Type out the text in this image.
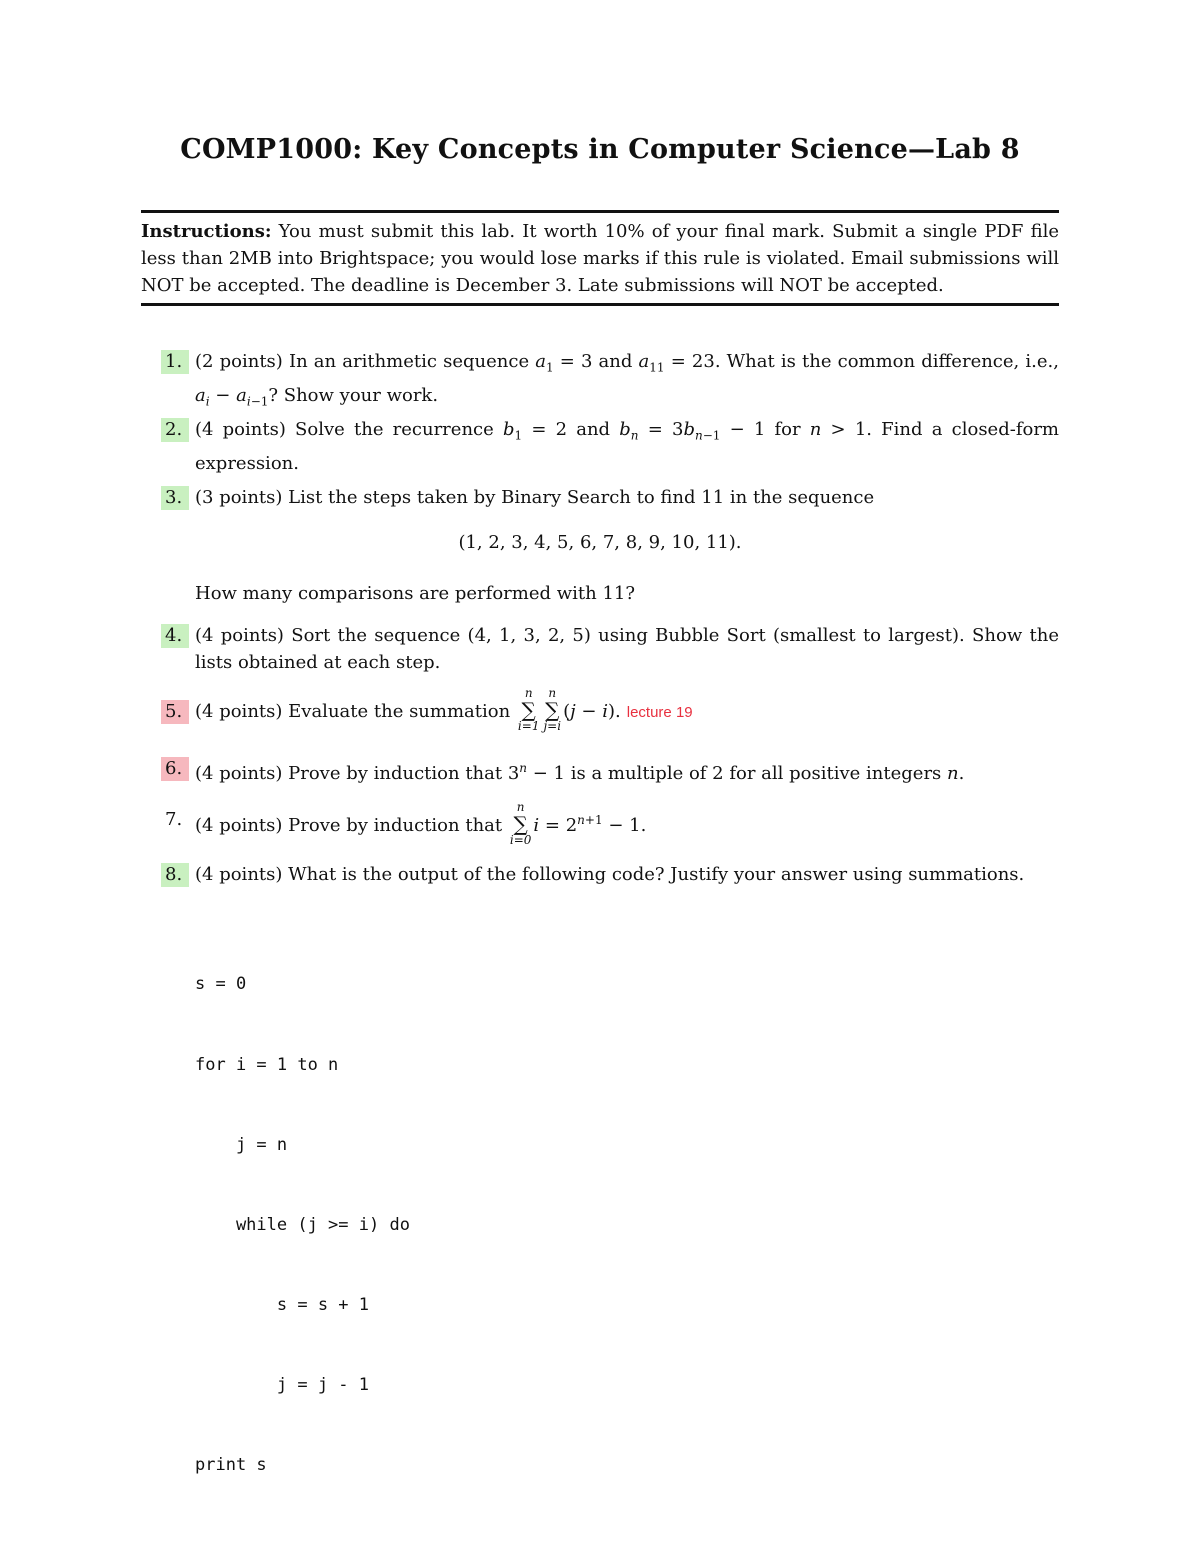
COMP1000: Key Concepts in Computer Science—Lab 8
Instructions: You must submit this lab. It worth 10% of your final mark. Submit a single PDF file less than 2MB into Brightspace; you would lose marks if this rule is violated. Email submissions will NOT be accepted. The deadline is December 3. Late submissions will NOT be accepted.
1. (2 points) In an arithmetic sequence $a_1 = 3$ and $a_{11} = 23$. What is the common difference, i.e., $a_i - a_{i-1}$? Show your work.
2. (4 points) Solve the recurrence $b_1 = 2$ and $b_n = 3b_{n-1} - 1$ for n > 1. Find a closed-form expression.
3. (3 points) List the steps taken by Binary Search to find 11 in the sequence
(1, 2, 3, 4, 5, 6, 7, 8, 9, 10, 11).
How many comparisons are performed with 11?
4. (4 points) Sort the sequence (4, 1, 3, 2, 5) using Bubble Sort (smallest to largest). Show the lists obtained at each step.
5. (4 points) Evaluate the summation
n
∑
i=1
n
∑
j=i
(j − i). lecture 19
6. (4 points) Prove by induction that $3^n - 1$ is a multiple of 2 for all positive integers n.
7. (4 points) Prove by induction that
n
∑
i=0
$i = 2^{n+1} - 1$.
8. (4 points) What is the output of the following code? Justify your answer using summations.

s = 0

for i = 1 to n

j = n

while (j >= i) do

s = s + 1

j = j - 1

print s
